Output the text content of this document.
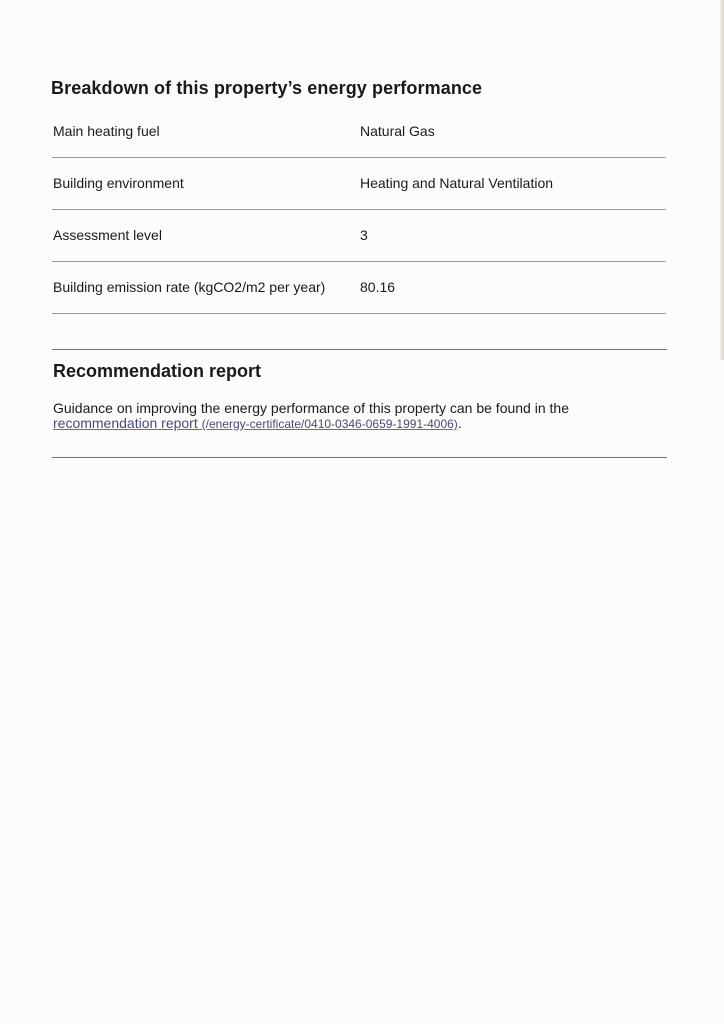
Breakdown of this property’s energy performance
Main heating fuel	Natural Gas
Building environment	Heating and Natural Ventilation
Assessment level	3
Building emission rate (kgCO2/m2 per year) 80.16
Recommendation report

Guidance on improving the energy performance of this property can be found in the recommendation report (/energy-certificate/0410-0346-0659-1991-4006).
